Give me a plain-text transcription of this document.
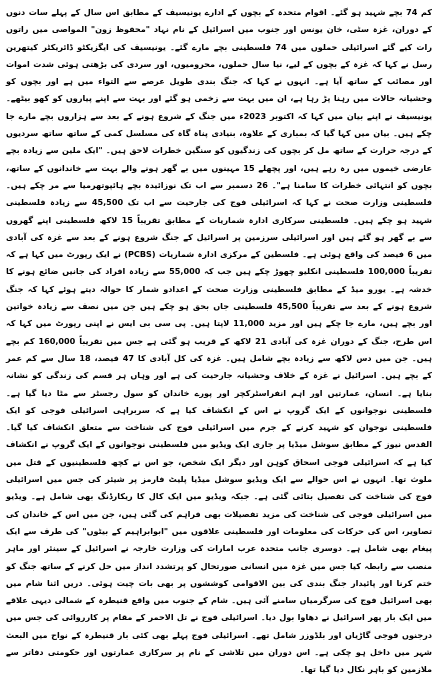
کم 74 بچے شہید ہو گئے۔ اقوام متحدہ کے بچوں کے ادارے یونیسیف کے مطابق اس سال کے پہلے سات دنوں کے دوران، غزہ سٹی، خان یونس اور جنوب میں اسرائیل کے نام نہاد "محفوظ زون" المواصی میں راتوں رات کیے گئے اسرائیلی حملوں میں 74 فلسطینی بچے مارے گئے۔ یونیسیف کی ایگزیکٹو ڈائریکٹر کیتھرین رسل نے کہا کہ غزہ کے بچوں کے لیے، نیا سال حملوں، محرومیوں، اور سردی کی بڑھتی ہوئی شدت اموات اور مصائب کے ساتھ آیا ہے۔ انہوں نے کہا کہ جنگ بندی طویل عرصے سے التواء میں ہے اور بچوں کو وحشیانہ حالات میں رہنا پڑ رہا ہے، ان میں بہت سے زخمی ہو گئے اور بہت سے اپنے پیاروں کو کھو بیٹھے۔ یونیسیف نے اپنے بیان میں کہا کہ اکتوبر 2023ء میں جنگ کے شروع ہونے کے بعد سے ہزاروں بچے مارے جا چکے ہیں۔ بیان میں کہا گیا کہ بمباری کے علاوہ، بنیادی پناہ گاہ کی مسلسل کمی کے ساتھ ساتھ سردیوں کے درجہ حرارت کے ساتھ مل کر بچوں کی زندگیوں کو سنگین خطرات لاحق ہیں۔ "ایک ملین سے زیادہ بچے عارضی خیموں میں رہ رہے ہیں، اور پچھلے 15 مہینوں میں بے گھر ہونے والے بہت سے خاندانوں کے ساتھ، بچوں کو انتہائی خطرات کا سامنا ہے"۔ 26 دسمبر سے اب تک نوزائیدہ بچے ہائپوتھرمیا سے مر چکے ہیں۔ فلسطینی وزارت صحت نے کہا کہ اسرائیلی فوج کی جارحیت سے اب تک 45,500 سے زیادہ فلسطینی شہید ہو چکے ہیں۔ فلسطینی سرکاری ادارہ شماریات کے مطابق تقریباً 15 لاکھ فلسطینی اپنے گھروں سے بے گھر ہو گئے ہیں اور اسرائیلی سرزمین پر اسرائیل کے جنگ شروع ہونے کے بعد سے غزہ کی آبادی میں 6 فیصد کی واقع ہوئی ہے۔ فلسطین کے مرکزی ادارہ شماریات (PCBS) نے ایک رپورٹ میں کہا ہے کہ تقریباً 100,000 فلسطینی انکلیو چھوڑ چکے ہیں جب کہ 55,000 سے زیادہ افراد کی جانیں ضائع ہونے کا خدشہ ہے۔ یورو میڈ کے مطابق فلسطینی وزارت صحت کے اعدادو شمار کا حوالہ دیتے ہوئے کہا کہ جنگ شروع ہونے کے بعد سے تقریباً 45,500 فلسطینی جاں بحق ہو چکے ہیں جن میں نصف سے زیادہ خواتین اور بچے ہیں، مارے جا چکے ہیں اور مزید 11,000 لاپتا ہیں۔ پی سی بی ایس نے اپنی رپورٹ میں کہا کہ اس طرح، جنگ کے دوران غزہ کی آبادی 21 لاکھ کے قریب ہو گئی ہے جس میں تقریباً 160,000 کم بچے ہیں۔ جن میں دس لاکھ سے زیادہ بچے شامل ہیں۔ غزہ کی کل آبادی کا 47 فیصد، 18 سال سے کم عمر کے بچے ہیں۔ اسرائیل نے غزہ کے خلاف وحشیانہ جارحیت کی ہے اور وہاں ہر قسم کی زندگی کو نشانہ بنایا ہے۔ انسان، عمارتیں اور اہم انفراسٹرکچر اور پورے خاندان کو سول رجسٹر سے مٹا دیا گیا ہے۔ فلسطینی نوجوانوں کے ایک گروپ نے اس کے انکشاف کیا ہے کہ سربراہی اسرائیلی فوجی کو ایک فلسطینی نوجوان کو شہید کرنے کے جرم میں اسرائیلی فوج کی شناخت سے متعلق انکشاف کیا گیا۔ القدس نیوز کے مطابق سوشل میڈیا پر جاری ایک ویڈیو میں فلسطینی نوجوانوں کے ایک گروپ نے انکشاف کیا ہے کہ اسرائیلی فوجی اسحاق کوہن اور دیگر ایک شخص، جو اس نے کچھ فلسطینیوں کے قتل میں ملوث تھا۔ انہوں نے اس حوالے سے ایک ویڈیو سوشل میڈیا پلیٹ فارمز پر شیئر کی جس میں اسرائیلی فوج کی شناخت کی تفصیل بتائی گئی ہے۔ جبکہ ویڈیو میں ایک کال کا ریکارڈنگ بھی شامل ہے۔ ویڈیو میں اسرائیلی فوجی کی شناخت کی مزید تفصیلات بھی فراہم کی گئی ہیں، جن میں اس کے خاندان کی تصاویر، اس کی حرکات کی معلومات اور فلسطینی علاقوں میں "ابوابراہیم کے بیٹوں" کی طرف سے ایک پیغام بھی شامل ہے۔ دوسری جانب متحدہ عرب امارات کی وزارت خارجہ نے اسرائیل کے سینئر اور ماہر منصب سے رابطہ کیا جس میں غزہ میں انسانی صورتحال کو پرتشدد انداز میں حل کرنے کے ساتھ جنگ کو ختم کرنا اور پائیدار جنگ بندی کی بین الاقوامی کوششوں پر بھی بات چیت ہوئی۔ دریں اثنا شام میں بھی اسرائیل فوج کی سرگرمیاں سامنے آئی ہیں۔ شام کے جنوب میں واقع قنیطرہ کے شمالی دیہی علاقے میں ایک بار پھر اسرائیل نے دھاوا بول دیا۔ اسرائیلی فوج نے تل الاحمر کے مقام پر کارروائی کی جس میں درجنوں فوجی گاڑیاں اور بلڈوزر شامل تھے۔ اسرائیلی فوج پہلے بھی کئی بار قنیطرہ کے نواح میں البعث شہر میں داخل ہو چکی ہے۔ اس دوران میں تلاشی کے نام پر سرکاری عمارتوں اور حکومتی دفاتر سے ملازمین کو باہر نکال دیا گیا تھا۔
